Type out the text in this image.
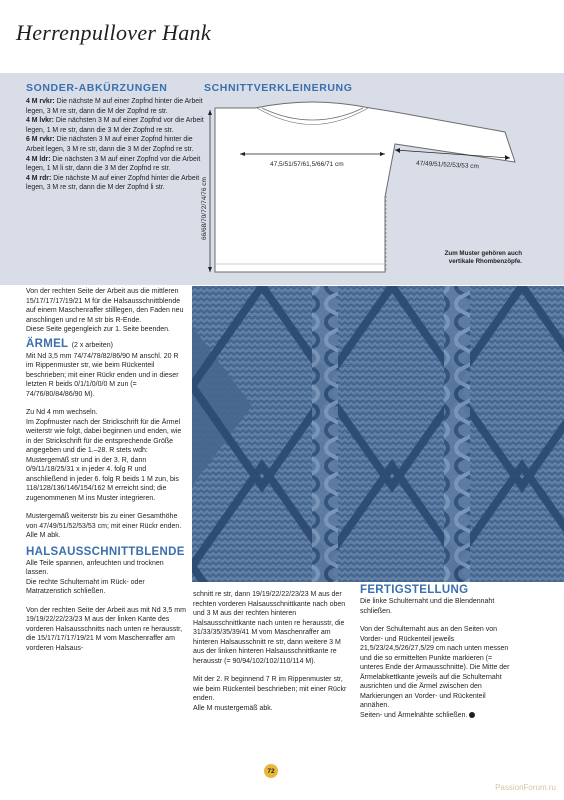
Herrenpullover Hank
SONDER-ABKÜRZUNGEN

4 M rvkr: Die nächste M auf einer Zopfnd hinter die Arbeit legen, 3 M re str, dann die M der Zopfnd re str.

4 M lvkr: Die nächsten 3 M auf einer Zopfnd vor die Arbeit legen, 1 M re str, dann die 3 M der Zopfnd re str.

6 M rvkr: Die nächsten 3 M auf einer Zopfnd hinter die Arbeit legen, 3 M re str, dann die 3 M der Zopfnd re str.

4 M ldr: Die nächsten 3 M auf einer Zopfnd vor die Arbeit legen, 1 M li str, dann die 3 M der Zopfnd re str.

4 M rdr: Die nächste M auf einer Zopfnd hinter die Arbeit legen, 3 M re str, dann die M der Zopfnd li str.

SCHNITTVERKLEINERUNG
47,5/51/57/61,5/66/71 cm	47/49/51/52/53/53 cm
66/68/70/72/74/76 cm
Zum Muster gehören auch vertikale Rhombenzöpfe.

Von der rechten Seite der Arbeit aus die mittleren 15/17/17/17/19/21 M für die Halsausschnittblende auf einem Maschenraffer stilllegen, den Faden neu anschlingen und re M str bis R-Ende.

Diese Seite gegengleich zur 1. Seite beenden.

ÄRMEL (2 x arbeiten)

Mit Nd 3,5 mm 74/74/78/82/86/90 M anschl. 20 R im Rippenmuster str, wie beim Rückenteil beschrieben; mit einer Rückr enden und in dieser letzten R beids 0/1/1/0/0/0 M zun (= 74/76/80/84/86/90 M).

Zu Nd 4 mm wechseln.

Im Zopfmuster nach der Strickschrift für die Ärmel weiterstr wie folgt, dabei beginnen und enden, wie in der Strickschrift für die entsprechende Größe angegeben und die 1.–28. R stets wdh:

Mustergemäß str und in der 3. R, dann 0/9/11/18/25/31 x in jeder 4. folg R und anschließend in jeder 6. folg R beids 1 M zun, bis 118/128/136/146/154/162 M erreicht sind; die zugenommenen M ins Muster integrieren.

Mustergemäß weiterstr bis zu einer Gesamthöhe von 47/49/51/52/53/53 cm; mit einer Rückr enden.

Alle M abk.

HALSAUSSCHNITTBLENDE

Alle Teile spannen, anfeuchten und trocknen lassen.

Die rechte Schulternaht im Rück- oder Matratzenstich schließen.

Von der rechten Seite der Arbeit aus mit Nd 3,5 mm 19/19/22/22/23/23 M aus der linken Kante des vorderen Halsausschnitts nach unten re herausstr, die 15/17/17/17/19/21 M vom Maschenraffer am vorderen Halsaus-

schnitt re str, dann 19/19/22/22/23/23 M aus der rechten vorderen Halsausschnittkante nach oben und 3 M aus der rechten hinteren Halsausschnittkante nach unten re herausstr, die 31/33/35/35/39/41 M vom Maschenraffer am hinteren Halsausschnitt re str, dann weitere 3 M aus der linken hinteren Halsausschnittkante re herausstr (= 90/94/102/102/110/114 M).

Mit der 2. R beginnend 7 R im Rippenmuster str, wie beim Rückenteil beschrieben; mit einer Rückr enden.

Alle M mustergemäß abk.

FERTIGSTELLUNG

Die linke Schulternaht und die Blendennaht schließen.

Von der Schulternaht aus an den Seiten von Vorder- und Rückenteil jeweils 21,5/23/24,5/26/27,5/29 cm nach unten messen und die so ermittelten Punkte markieren (= unteres Ende der Armausschnitte). Die Mitte der Ärmelabkettkante jeweils auf die Schulternaht ausrichten und die Ärmel zwischen den Markierungen an Vorder- und Rückenteil annähen.

Seiten- und Ärmelnähte schließen.

72
PassionForum.ru
